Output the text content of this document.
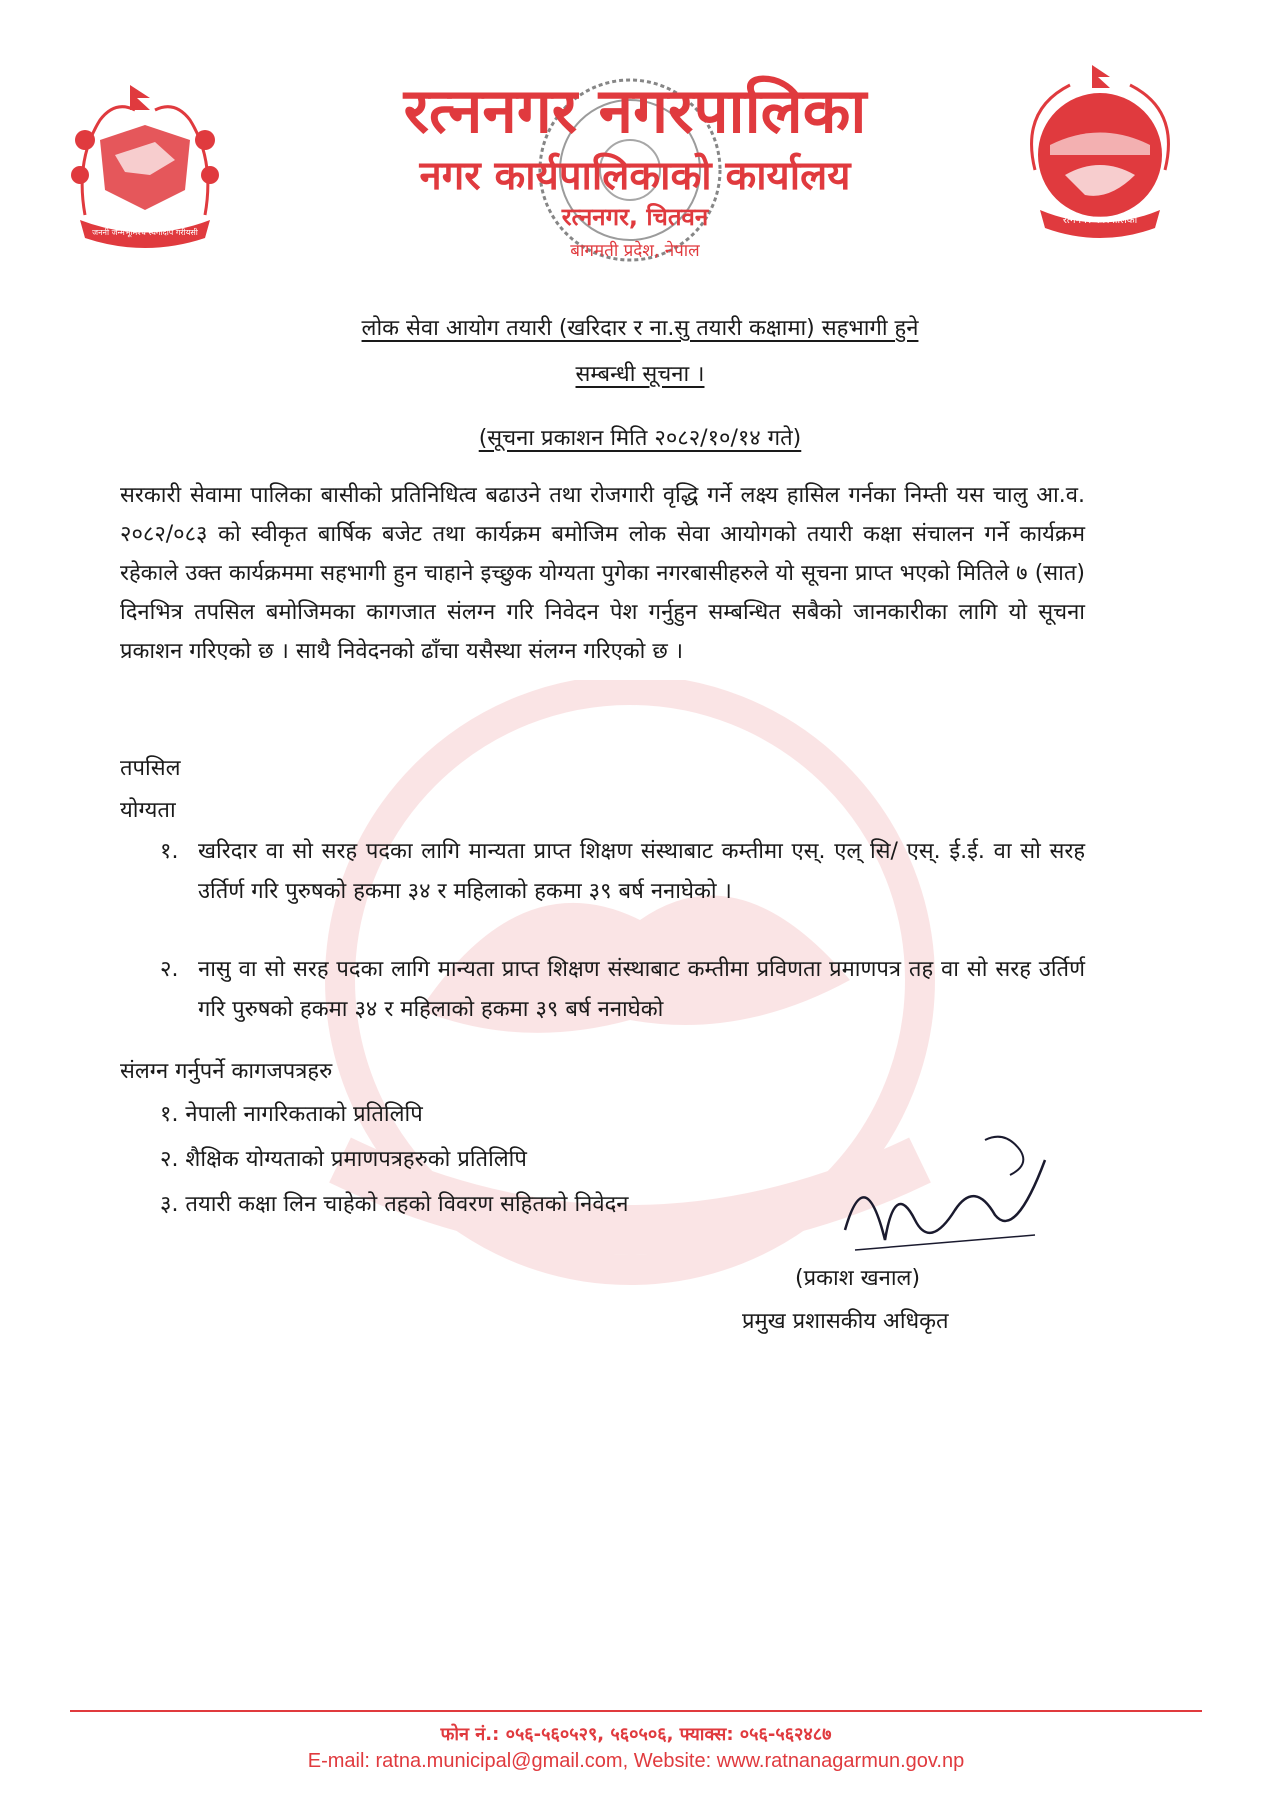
जननी जन्मभूमिश्च स्वर्गादपि गरीयसी
रत्ननगर नगरपालिका
नगर कार्यपालिकाको कार्यालय
रत्ननगर, चितवन
बागमती प्रदेश, नेपाल
रत्ननगर नगरपालिका
लोक सेवा आयोग तयारी (खरिदार र ना.सु तयारी कक्षामा) सहभागी हुने
सम्बन्धी सूचना ।
(सूचना प्रकाशन मिति २०८२/१०/१४ गते)
सरकारी सेवामा पालिका बासीको प्रतिनिधित्व बढाउने तथा रोजगारी वृद्धि गर्ने लक्ष्य हासिल गर्नका निम्ती यस चालु आ.व. २०८२/०८३ को स्वीकृत बार्षिक बजेट तथा कार्यक्रम बमोजिम लोक सेवा आयोगको तयारी कक्षा संचालन गर्ने कार्यक्रम रहेकाले उक्त कार्यक्रममा सहभागी हुन चाहाने इच्छुक योग्यता पुगेका नगरबासीहरुले यो सूचना प्राप्त भएको मितिले ७ (सात) दिनभित्र तपसिल बमोजिमका कागजात संलग्न गरि निवेदन पेश गर्नुहुन सम्बन्धित सबैको जानकारीका लागि यो सूचना प्रकाशन गरिएको छ । साथै निवेदनको ढाँचा यसैस्था संलग्न गरिएको छ ।
तपसिल
योग्यता
१. खरिदार वा सो सरह पदका लागि मान्यता प्राप्त शिक्षण संस्थाबाट कम्तीमा एस्. एल् सि/ एस्. ई.ई. वा सो सरह उर्तिर्ण गरि पुरुषको हकमा ३४ र महिलाको हकमा ३९ बर्ष ननाघेको ।
२. नासु वा सो सरह पदका लागि मान्यता प्राप्त शिक्षण संस्थाबाट कम्तीमा प्रविणता प्रमाणपत्र तह वा सो सरह उर्तिर्ण गरि पुरुषको हकमा ३४ र महिलाको हकमा ३९ बर्ष ननाघेको
संलग्न गर्नुपर्ने कागजपत्रहरु
१. नेपाली नागरिकताको प्रतिलिपि
२. शैक्षिक योग्यताको प्रमाणपत्रहरुको प्रतिलिपि
३. तयारी कक्षा लिन चाहेको तहको विवरण सहितको निवेदन
(प्रकाश खनाल)
प्रमुख प्रशासकीय अधिकृत
फोन नं.: ०५६-५६०५२९, ५६०५०६, फ्याक्स: ०५६-५६२४८७
E-mail: ratna.municipal@gmail.com, Website: www.ratnanagarmun.gov.np
